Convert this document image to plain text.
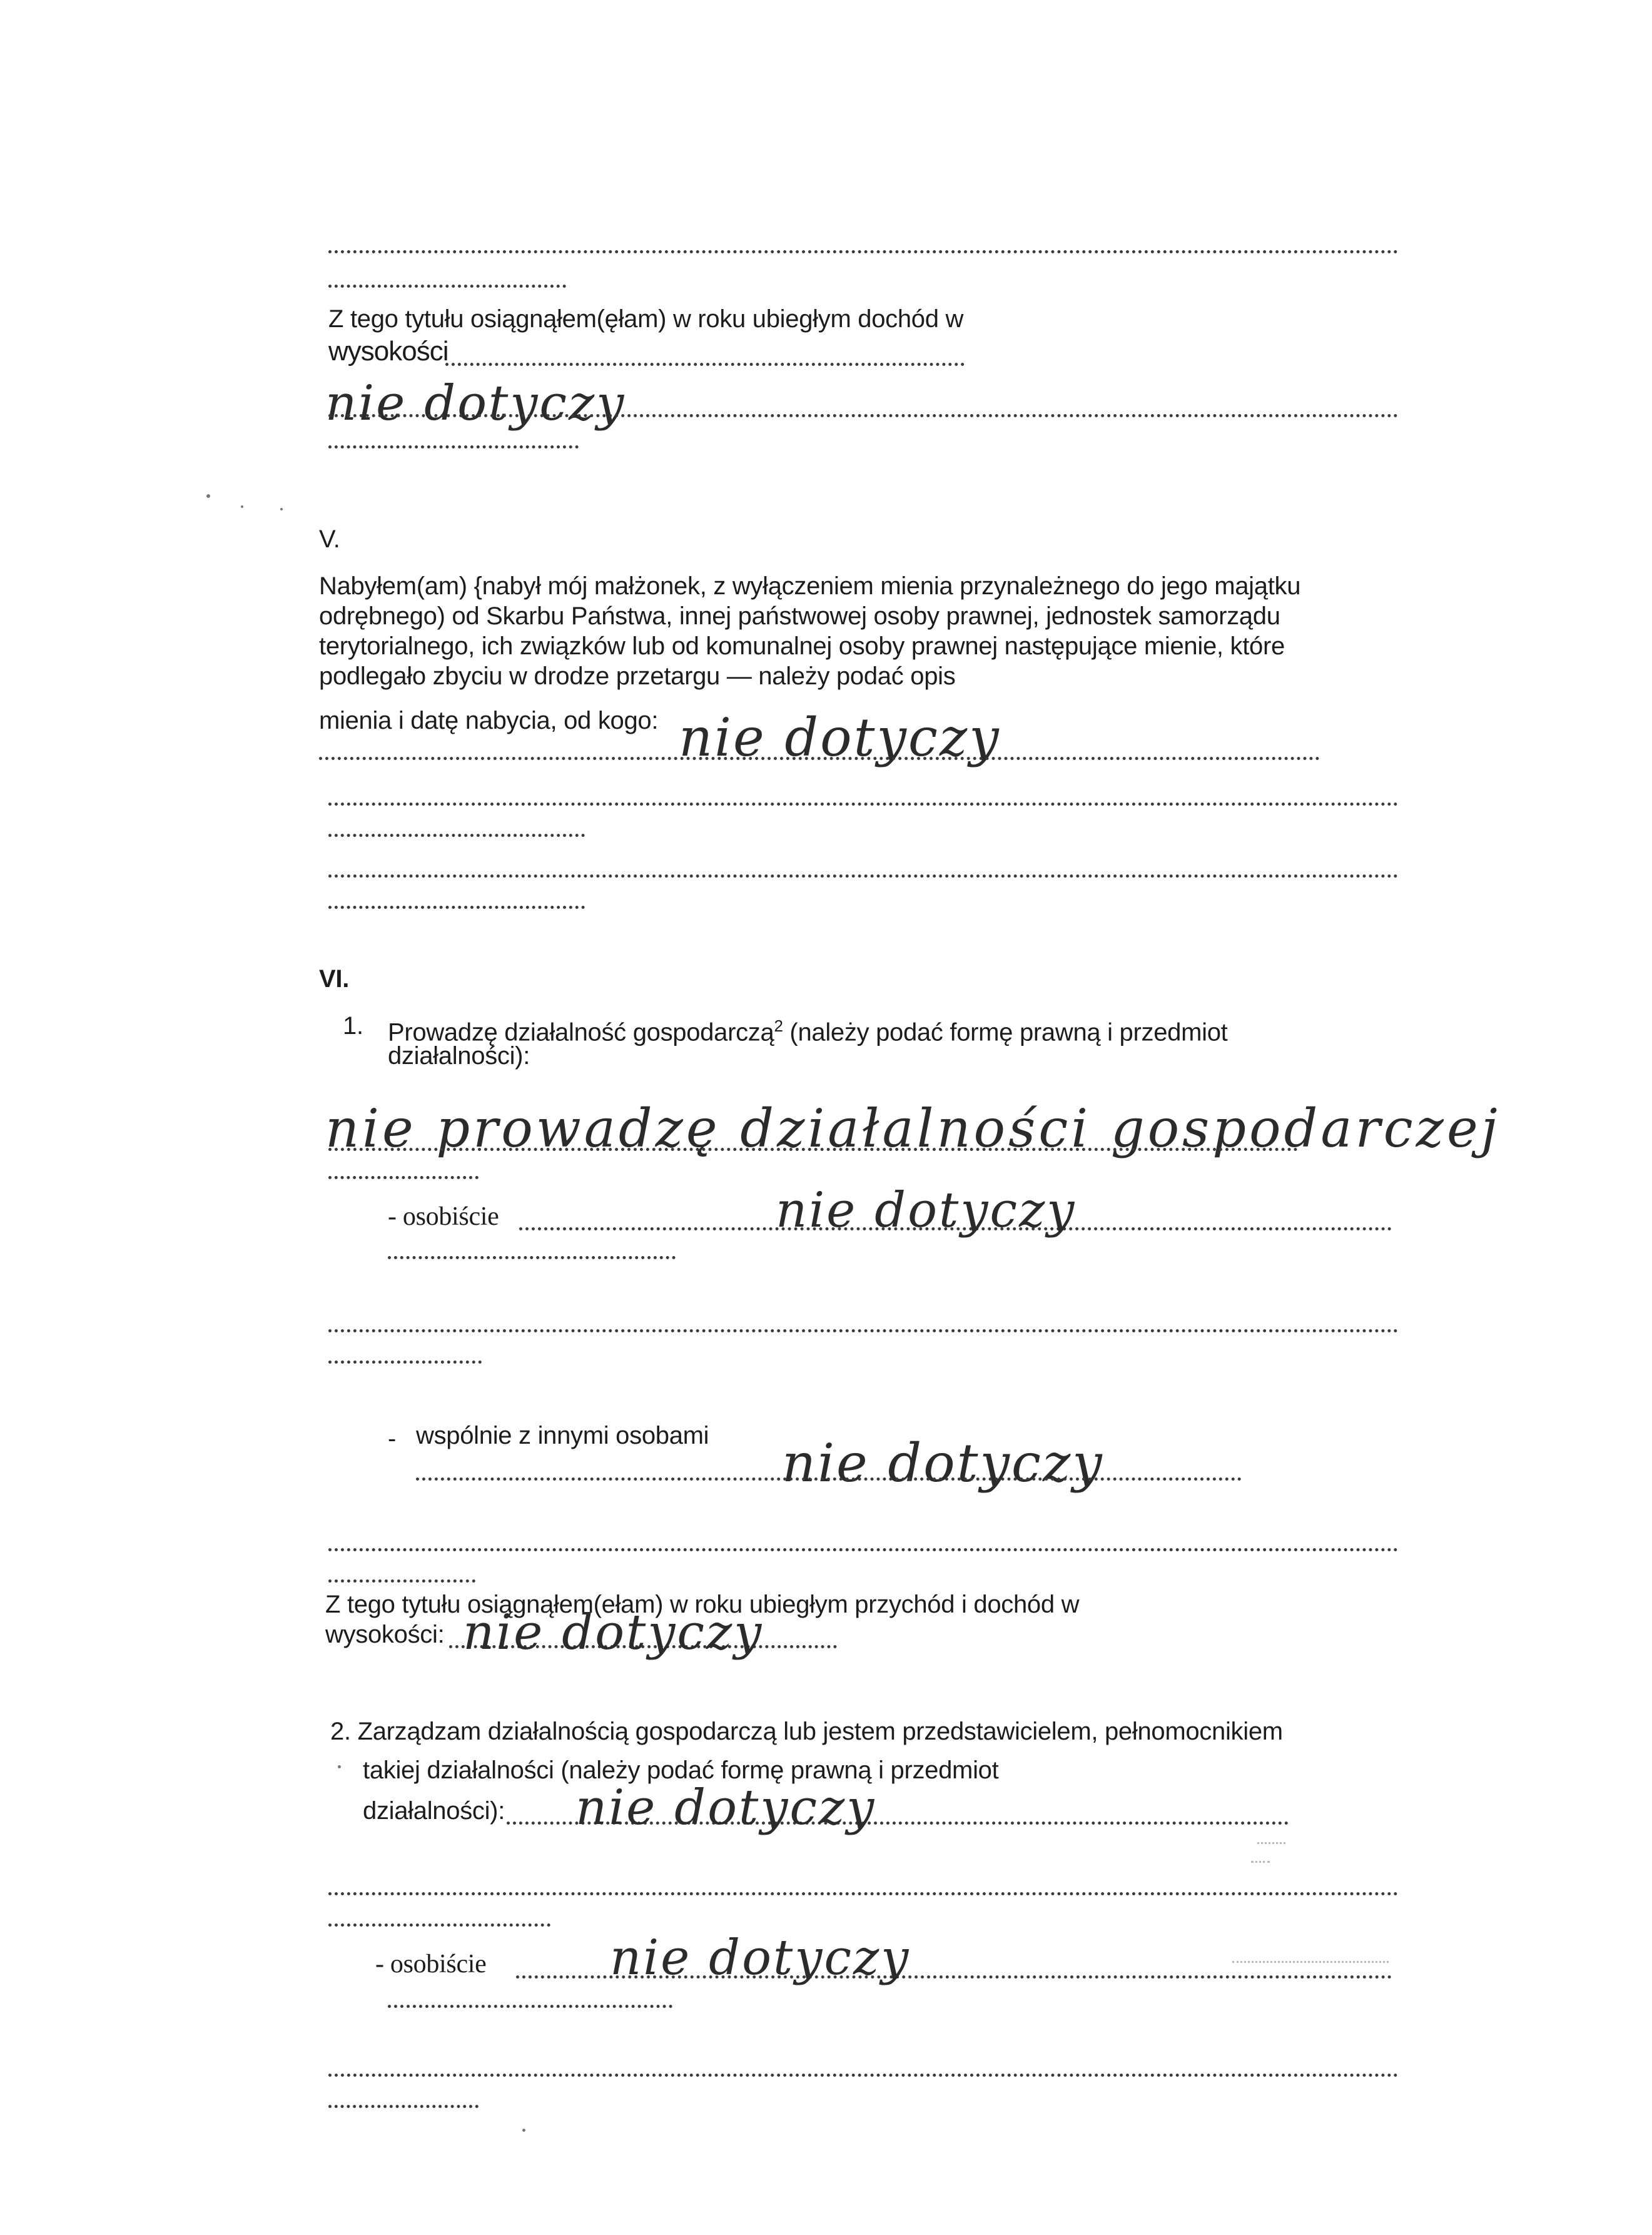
Z tego tytułu osiągnąłem(ęłam) w roku ubiegłym dochód w
wysokości
nie dotyczy
V.
Nabyłem(am) {nabył mój małżonek, z wyłączeniem mienia przynależnego do jego majątku
odrębnego) od Skarbu Państwa, innej państwowej osoby prawnej, jednostek samorządu
terytorialnego, ich związków lub od komunalnej osoby prawnej następujące mienie, które
podlegało zbyciu w drodze przetargu — należy podać opis
mienia i datę nabycia, od kogo: nie dotyczy
VI.
1. Prowadzę działalność gospodarczą$^2$ (należy podać formę prawną i przedmiot
działalności):
nie prowadzę działalności gospodarczej
- osobiście	nie dotyczy
- wspólnie z innymi osobami nie dotyczy
Z tego tytułu osiągnąłem(ełam) w roku ubiegłym przychód i dochód w
wysokości: nie dotyczy
2. Zarządzam działalnością gospodarczą lub jestem przedstawicielem, pełnomocnikiem
takiej działalności (należy podać formę prawną i przedmiot
działalności): nie dotyczy
- osobiście	nie dotyczy
